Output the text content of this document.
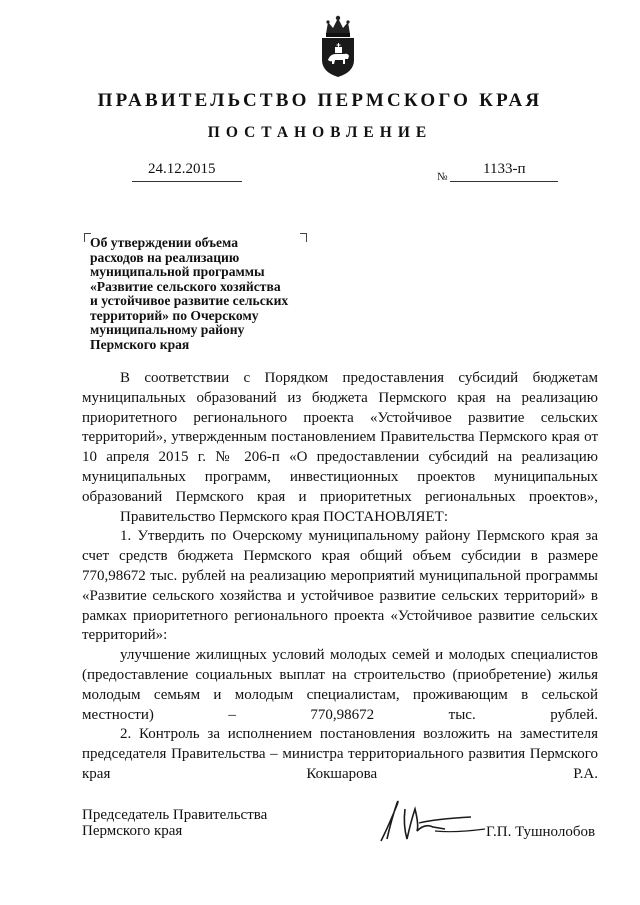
ПРАВИТЕЛЬСТВО ПЕРМСКОГО КРАЯ
ПОСТАНОВЛЕНИЕ
24.12.2015	№ 1133-п
Об утверждении объема
расходов на реализацию
муниципальной программы
«Развитие сельского хозяйства
и устойчивое развитие сельских
территорий» по Очерскому
муниципальному району
Пермского края

В соответствии с Порядком предоставления субсидий бюджетам муниципальных образований из бюджета Пермского края на реализацию приоритетного регионального проекта «Устойчивое развитие сельских территорий», утвержденным постановлением Правительства Пермского края от 10 апреля 2015 г. № 206-п «О предоставлении субсидий на реализацию муниципальных программ, инвестиционных проектов муниципальных образований Пермского края и приоритетных региональных проектов»,

Правительство Пермского края ПОСТАНОВЛЯЕТ:

1. Утвердить по Очерскому муниципальному району Пермского края за счет средств бюджета Пермского края общий объем субсидии в размере 770,98672 тыс. рублей на реализацию мероприятий муниципальной программы «Развитие сельского хозяйства и устойчивое развитие сельских территорий» в рамках приоритетного регионального проекта «Устойчивое развитие сельских территорий»:

улучшение жилищных условий молодых семей и молодых специалистов (предоставление социальных выплат на строительство (приобретение) жилья молодым семьям и молодым специалистам, проживающим в сельской местности) – 770,98672 тыс. рублей.

2. Контроль за исполнением постановления возложить на заместителя председателя Правительства – министра территориального развития Пермского края Кокшарова Р.А.

Председатель Правительства
Пермского края	Г.П. Тушнолобов
